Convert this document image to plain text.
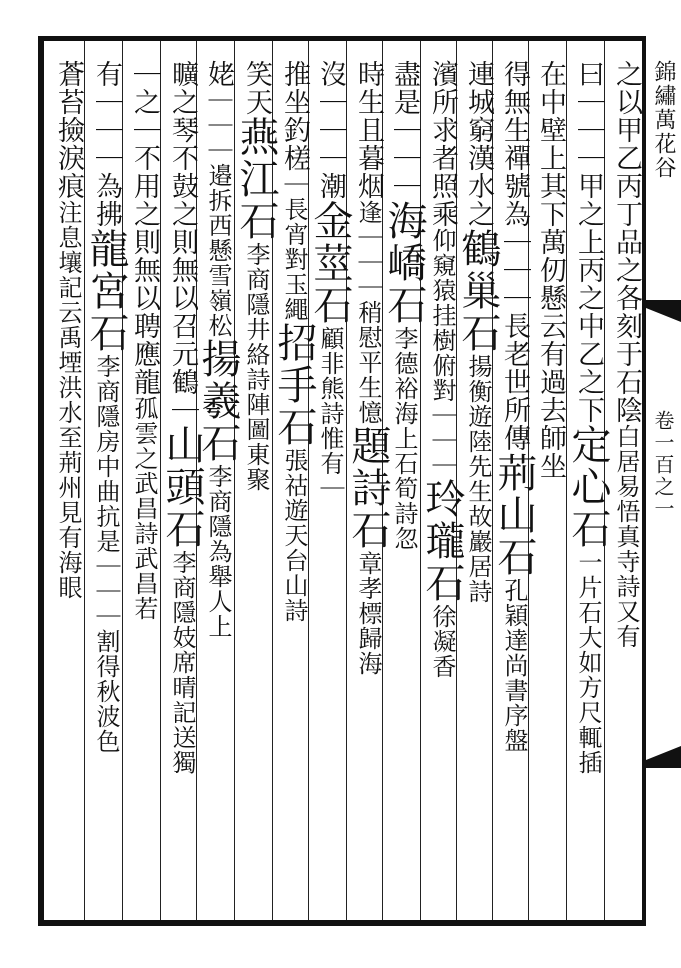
錦繡萬花谷
卷一百之一
之以甲乙丙丁品之各刻于石陰白居易悟真寺詩又有
曰｜｜｜甲之上丙之中乙之下定心石一片石大如方尺輒插
在中壁上其下萬仞懸云有過去師坐
得無生禪號為｜｜｜長老世所傳荊山石孔穎達尚書序盤
連城窮漢水之鶴巢石揚衡遊陸先生故巖居詩
濱所求者照乘仰窺猿挂樹俯對｜｜｜玲瓏石徐凝香
盡是｜｜｜海嶠石李德裕海上石筍詩忽
時生且暮烟逢｜｜｜稍慰平生憶題詩石章孝標歸海
沒｜｜｜潮金莖石顧非熊詩惟有｜
推坐釣槎｜長宵對玉繩招手石張祜遊天台山詩
笑天燕江石李商隱井絡詩陣圖東聚
姥｜｜｜邉拆西懸雪嶺松揚羲石李商隱為舉人上
曠之琴不鼓之則無以召元鶴｜山頭石李商隱妓席晴記送獨
｜之｜不用之則無以聘應龍孤雲之武昌詩武昌若
有｜｜｜為拂龍宮石李商隱房中曲抗是｜｜｜割得秋波色
蒼苔撿淚痕注息壤記云禹堙洪水至荊州見有海眼
